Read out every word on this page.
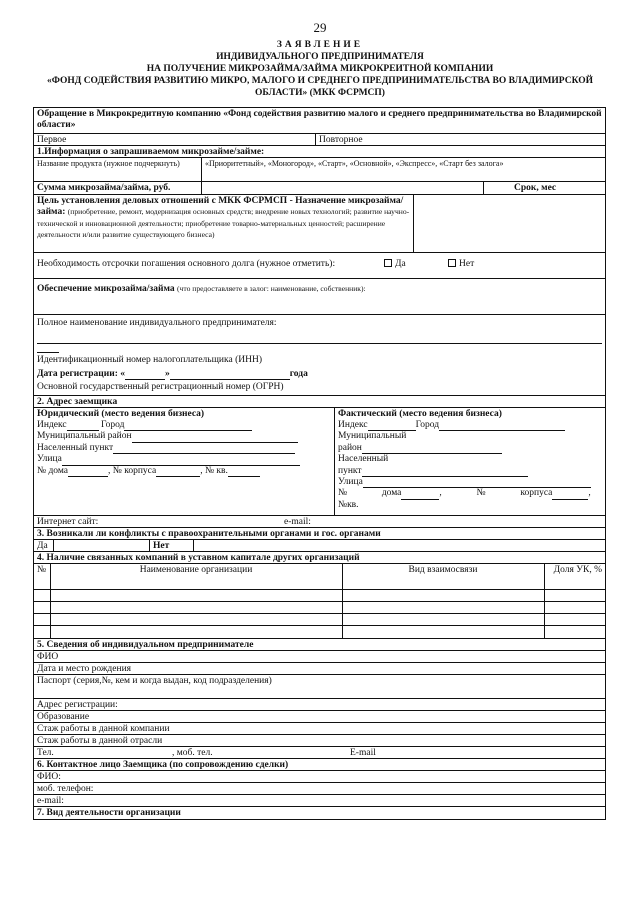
29
ЗАЯВЛЕНИЕ
ИНДИВИДУАЛЬНОГО ПРЕДПРИНИМАТЕЛЯ
НА ПОЛУЧЕНИЕ МИКРОЗАЙМА/ЗАЙМА МИКРОКРЕИТНОЙ КОМПАНИИ
«ФОНД СОДЕЙСТВИЯ РАЗВИТИЮ МИКРО, МАЛОГО И СРЕДНЕГО ПРЕДПРИНИМАТЕЛЬСТВА ВО ВЛАДИМИРСКОЙ
ОБЛАСТИ» (МКК ФСРМСП)
Обращение в Микрокредитную компанию «Фонд содействия развитию малого и среднего предпринимательства во Владимирской области»
Первое	Повторное
1.Информация о запрашиваемом микрозайме/займе:
Название продукта (нужное подчеркнуть)	«Приоритетный», «Моногород», «Старт», «Основной», «Экспресс», «Старт без залога»
Сумма микрозайма/займа, руб.	Срок, мес
Цель установления деловых отношений с МКК ФСРМСП - Назначение микрозайма/займа: (приобретение, ремонт, модернизация основных средств; внедрение новых технологий; развитие научно-технической и инновационной деятельности; приобретение товарно-материальных ценностей; расширение деятельности и/или развитие существующего бизнеса)
Необходимость отсрочки погашения основного долга (нужное отметить):	Да	Нет
Обеспечение микрозайма/займа (что предоставляете в залог: наименование, собственник):
Полное наименование индивидуального предпринимателя:
Идентификационный номер налогоплательщика (ИНН)
Дата регистрации: «	»	года
Основной государственный регистрационный номер (ОГРН)
2. Адрес заемщика
Юридический (место ведения бизнеса)
Индекс	Город
Муниципальный район
Населенный пункт
Улица
№ дома	, № корпуса	, № кв.
Фактический (место ведения бизнеса)
Индекс	Город
Муниципальный
район
Населенный
пункт
Улица
№	дома	,	№	корпуса	,
№кв.
Интернет сайт:	e-mail:
3. Возникали ли конфликты с правоохранительными органами и гос. органами
Да	Нет
4. Наличие связанных компаний в уставном капитале других организаций
№	Наименование организации	Вид взаимосвязи	Доля УК, %

5. Сведения об индивидуальном предпринимателе
ФИО
Дата и место рождения
Паспорт (серия,№, кем и когда выдан, код подразделения)
Адрес регистрации:
Образование
Стаж работы в данной компании
Стаж работы в данной отрасли
Тел.	, моб. тел.	E-mail
6. Контактное лицо Заемщика (по сопровождению сделки)
ФИО:
моб. телефон:
e-mail:
7. Вид деятельности организации
